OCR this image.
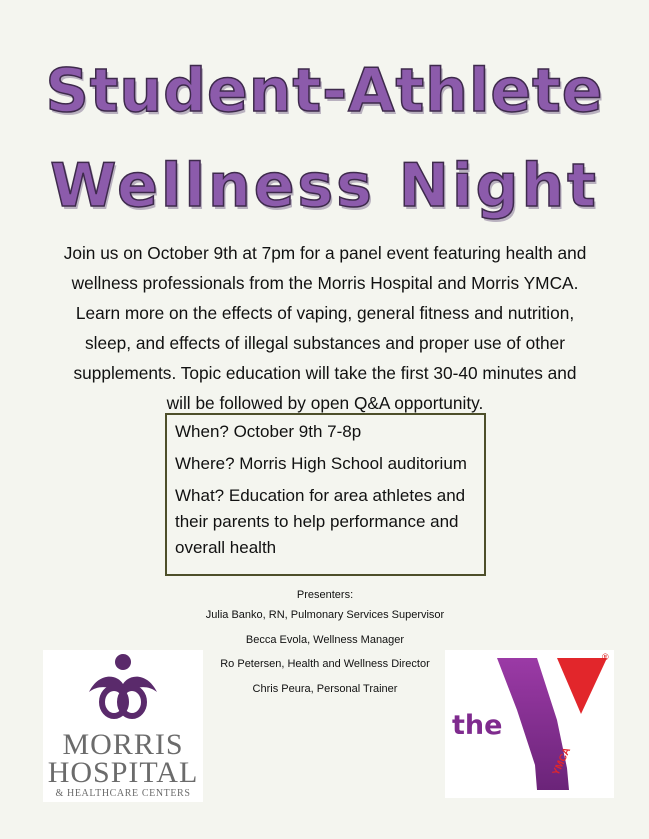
Student-Athlete
Wellness Night
Join us on October 9th at 7pm for a panel event featuring health and wellness professionals from the Morris Hospital and Morris YMCA. Learn more on the effects of vaping, general fitness and nutrition, sleep, and effects of illegal substances and proper use of other supplements. Topic education will take the first 30-40 minutes and will be followed by open Q&A opportunity.
When? October 9th 7-8p
Where? Morris High School auditorium
What? Education for area athletes and their parents to help performance and overall health
Presenters:
Julia Banko, RN, Pulmonary Services Supervisor
Becca Evola, Wellness Manager
Ro Petersen, Health and Wellness Director
Chris Peura, Personal Trainer
MORRIS
HOSPITAL
& HEALTHCARE CENTERS
the
YMCA
®
